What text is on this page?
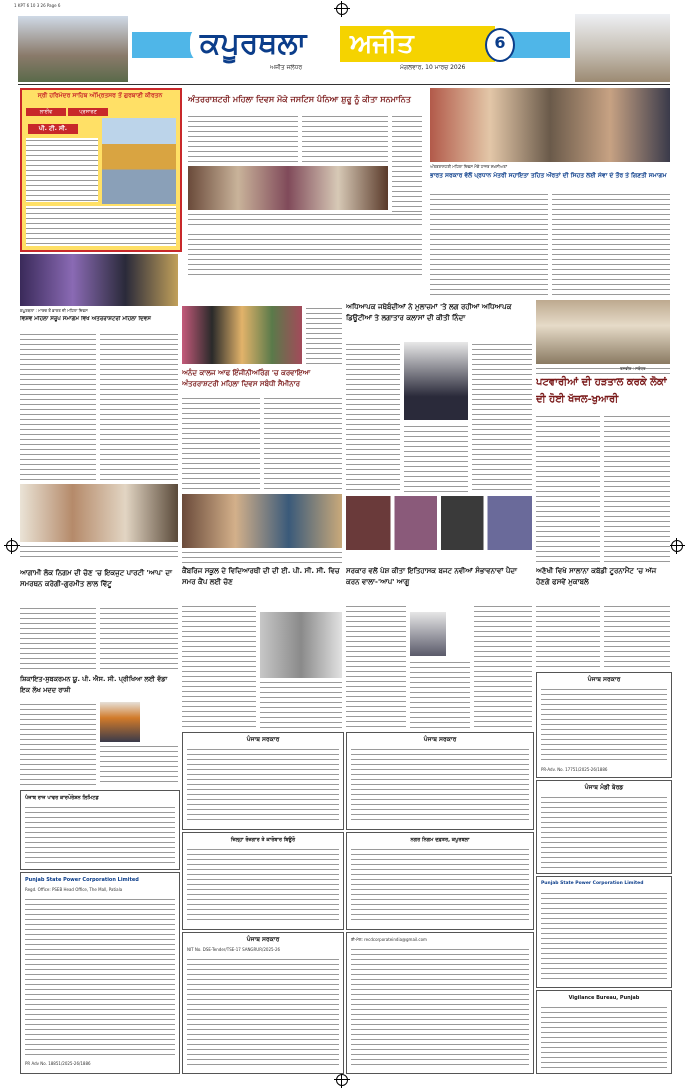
1 KPT 6 10 3 26 Page 6
ਕਪੂਰਥਲਾ	ਅਜੀਤ	6
ਅਜੀਤ ਜਲੰਧਰ	ਮੰਗਲਵਾਰ, 10 ਮਾਰਚ 2026
ਸ੍ਰੀ ਹਰਿਮੰਦਰ ਸਾਹਿਬ ਅੰਮ੍ਰਿਤਸਰ ਤੋਂ ਗੁਰਬਾਣੀ ਕੀਰਤਨ
ਲਾਈਵ	ਪ੍ਰਸਾਰਣ
ਪੀ. ਟੀ. ਸੀ.
ਅੰਤਰਰਾਸ਼ਟਰੀ ਮਹਿਲਾ ਦਿਵਸ ਮੌਕੇ ਜਸਟਿਸ ਪੰਨਿਆ ਸ਼ੁਰੂ ਨੂੰ ਕੀਤਾ ਸਨਮਾਨਿਤ
ਅੰਤਰਰਾਸ਼ਟਰੀ ਮਹਿਲਾ ਦਿਵਸ ਮੌਕੇ ਹਾਜ਼ਰ ਸ਼ਖ਼ਸੀਅਤਾਂ
ਭਾਰਤ ਸਰਕਾਰ ਵੱਲੋਂ ਪ੍ਰਧਾਨ ਮੰਤਰੀ ਸਹਾਇਤਾ ਤਹਿਤ ਔਰਤਾਂ ਦੀ ਸਿਹਤ ਲਈ ਸੇਵਾ ਦੇ ਤੌਰ ਤੇ ਗਿਣਤੀ ਸਮਾਗਮ
ਕਪੂਰਥਲਾ : ਮਾਰਚ ਤੋਂ ਭਾਰਤ ਦੀ ਮਹਿਲਾ ਦਿਵਸ
ਵਿਸ਼ਵ ਮਹਿਲਾ ਸਰੂਪ ਸਮਾਗਮ ਵਿਖੇ ਅੰਤਰਰਾਸ਼ਟਰੀ ਮਹਿਲਾ ਦਿਵਸ
ਅਨੰਦ ਕਾਲਜ ਆਫ ਇੰਜੀਨੀਅਰਿੰਗ 'ਚ ਕਰਵਾਇਆ ਅੰਤਰਰਾਸ਼ਟਰੀ ਮਹਿਲਾ ਦਿਵਸ ਸਬੰਧੀ ਸੈਮੀਨਾਰ
ਅਧਿਆਪਕ ਜਥੇਬੰਦੀਆਂ ਨੇ ਮੁਲਾਜ਼ਮਾਂ 'ਤੇ ਲਗ ਰਹੀਆਂ ਅਧਿਆਪਕ ਡਿਊਟੀਆਂ ਤੇ ਲਗਾਤਾਰ ਕਲਾਸਾਂ ਦੀ ਕੀਤੀ ਨਿੰਦਾ
ਪਟਵਾਰੀਆਂ ਦੀ ਹੜਤਾਲ ਕਰਕੇ ਲੋਕਾਂ ਦੀ ਹੋਈ ਖੱਜਲ-ਖੁਆਰੀ
ਆਗਾਮੀ ਲੋਕ ਨਿਗਮ ਦੀ ਚੋਣ 'ਚ ਇਕਜੁਟ ਪਾਰਟੀ 'ਆਪ' ਦਾ ਸਮਰਥਨ ਕਰੇਗੀ-ਗੁਰਮੀਤ ਲਾਲ ਵਿੱਟੂ
ਸ਼ਿਕਾਇਤ-ਸੁਬਕਰਮਨ ਯੂ. ਪੀ. ਐਸ. ਸੀ. ਪ੍ਰੀਖਿਆ ਲਈ ਵੱਡਾ ਇਕ ਲੱਖ ਮਦਦ ਰਾਸ਼ੀ
ਕੈਂਬਰਿਜ ਸਕੂਲ ਦੇ ਵਿਦਿਆਰਥੀ ਦੀ ਦੀ ਈ. ਪੀ. ਸੀ. ਸੀ. ਵਿਚ ਸਮਰ ਕੈਂਪ ਲਈ ਚੋਣ
ਸਰਕਾਰ ਵਲੋਂ ਪੇਸ਼ ਕੀਤਾ ਇਤਿਹਾਸਕ ਬਜਟ ਨਵੀਆਂ ਸੰਭਾਵਨਾਵਾਂ ਪੈਦਾ ਕਰਨ ਵਾਲਾ-'ਆਪ' ਆਗੂ
ਅਣੋਖੀ ਵਿਖੇ ਸਾਲਾਨਾ ਕਬੱਡੀ ਟੂਰਨਾਮੈਂਟ 'ਚ ਅੱਜ ਹੋਣਗੇ ਫਸਵੇਂ ਮੁਕਾਬਲੇ
ਪੰਜਾਬ ਰਾਜ ਪਾਵਰ ਕਾਰਪੋਰੇਸ਼ਨ ਲਿਮਿਟਡ
Punjab State Power Corporation Limited
Regd. Office: PSEB Head Office, The Mall, Patiala
PR Adv No. 18851/2025-26/1886
ਪੰਜਾਬ ਸਰਕਾਰ
ਜ਼ਿਲ੍ਹਾ ਰੋਜ਼ਗਾਰ ਤੇ ਕਾਰੋਬਾਰ ਬਿਊਰੋ
ਪੰਜਾਬ ਸਰਕਾਰ
NIT No. DSE-Tender/TSE-17 SANGRUR/2025-26
ਪੰਜਾਬ ਸਰਕਾਰ
ਨਗਰ ਨਿਗਮ ਦਫ਼ਤਰ, ਕਪੂਰਥਲਾ
ਈ-ਮੇਲ: recdcorporateindia@gmail.com
ਪੰਜਾਬ ਸਰਕਾਰ
PR-Adv. No. 17751/2025-26/1886
ਪੰਜਾਬ ਮੰਡੀ ਬੋਰਡ
Punjab State Power Corporation Limited
Vigilance Bureau, Punjab
ਤਸਵੀਰ : ਸਬੰਧਤ
